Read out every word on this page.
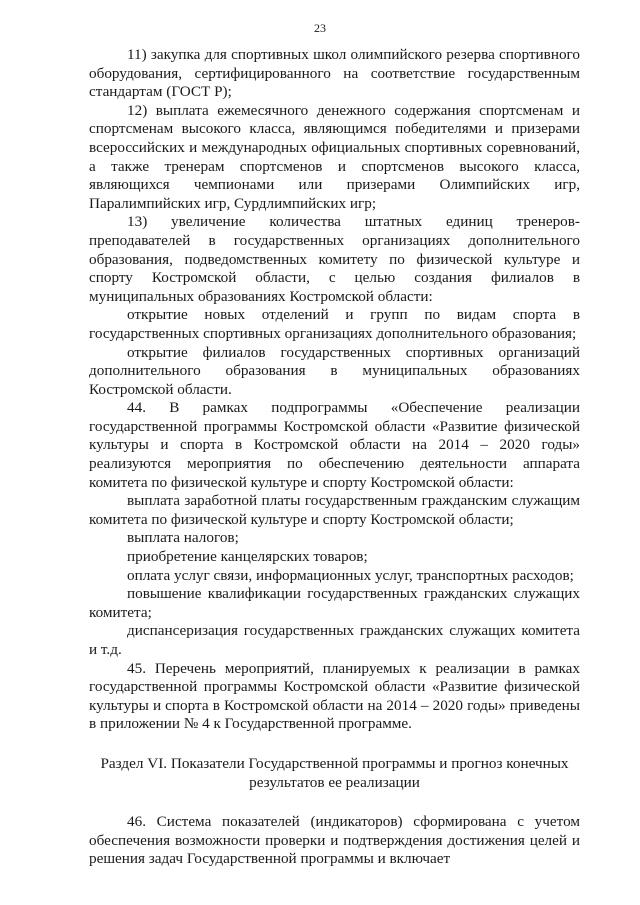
23

11) закупка для спортивных школ олимпийского резерва спортивного оборудования, сертифицированного на соответствие государственным стандартам (ГОСТ Р);

12) выплата ежемесячного денежного содержания спортсменам и спортсменам высокого класса, являющимся победителями и призерами всероссийских и международных официальных спортивных соревнований, а также тренерам спортсменов и спортсменов высокого класса, являющихся чемпионами или призерами Олимпийских игр, Паралимпийских игр, Сурдлимпийских игр;

13) увеличение количества штатных единиц тренеров-преподавателей в государственных организациях дополнительного образования, подведомственных комитету по физической культуре и спорту Костромской области, с целью создания филиалов в муниципальных образованиях Костромской области:

открытие новых отделений и групп по видам спорта в государственных спортивных организациях дополнительного образования;

открытие филиалов государственных спортивных организаций дополнительного образования в муниципальных образованиях Костромской области.

44. В рамках подпрограммы «Обеспечение реализации государственной программы Костромской области «Развитие физической культуры и спорта в Костромской области на 2014 – 2020 годы» реализуются мероприятия по обеспечению деятельности аппарата комитета по физической культуре и спорту Костромской области:

выплата заработной платы государственным гражданским служащим комитета по физической культуре и спорту Костромской области;

выплата налогов;

приобретение канцелярских товаров;

оплата услуг связи, информационных услуг, транспортных расходов;

повышение квалификации государственных гражданских служащих комитета;

диспансеризация государственных гражданских служащих комитета и т.д.

45. Перечень мероприятий, планируемых к реализации в рамках государственной программы Костромской области «Развитие физической культуры и спорта в Костромской области на 2014 – 2020 годы» приведены в приложении № 4 к Государственной программе.

Раздел VI. Показатели Государственной программы и прогноз конечных
результатов ее реализации

46. Система показателей (индикаторов) сформирована с учетом обеспечения возможности проверки и подтверждения достижения целей и решения задач Государственной программы и включает
